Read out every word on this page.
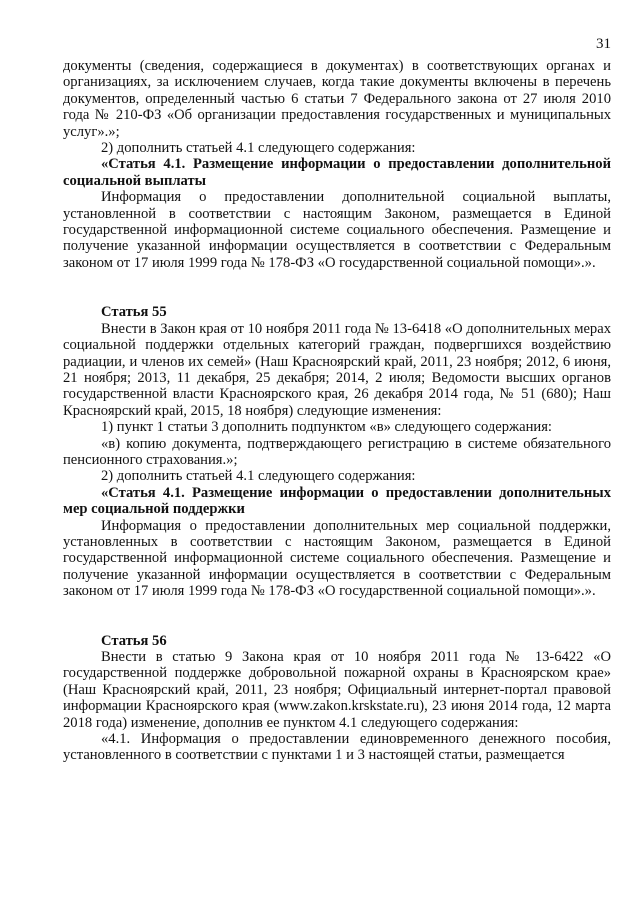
31

документы (сведения, содержащиеся в документах) в соответствующих органах и организациях, за исключением случаев, когда такие документы включены в перечень документов, определенный частью 6 статьи 7 Федерального закона от 27 июля 2010 года № 210-ФЗ «Об организации предоставления государственных и муниципальных услуг».»;

2) дополнить статьей 4.1 следующего содержания:

«Статья 4.1. Размещение информации о предоставлении дополнительной социальной выплаты

Информация о предоставлении дополнительной социальной выплаты, установленной в соответствии с настоящим Законом, размещается в Единой государственной информационной системе социального обеспечения. Размещение и получение указанной информации осуществляется в соответствии с Федеральным законом от 17 июля 1999 года № 178-ФЗ «О государственной социальной помощи».».

Статья 55

Внести в Закон края от 10 ноября 2011 года № 13-6418 «О дополнительных мерах социальной поддержки отдельных категорий граждан, подвергшихся воздействию радиации, и членов их семей» (Наш Красноярский край, 2011, 23 ноября; 2012, 6 июня, 21 ноября; 2013, 11 декабря, 25 декабря; 2014, 2 июля; Ведомости высших органов государственной власти Красноярского края, 26 декабря 2014 года, № 51 (680); Наш Красноярский край, 2015, 18 ноября) следующие изменения:

1) пункт 1 статьи 3 дополнить подпунктом «в» следующего содержания:

«в) копию документа, подтверждающего регистрацию в системе обязательного пенсионного страхования.»;

2) дополнить статьей 4.1 следующего содержания:

«Статья 4.1. Размещение информации о предоставлении дополнительных мер социальной поддержки

Информация о предоставлении дополнительных мер социальной поддержки, установленных в соответствии с настоящим Законом, размещается в Единой государственной информационной системе социального обеспечения. Размещение и получение указанной информации осуществляется в соответствии с Федеральным законом от 17 июля 1999 года № 178-ФЗ «О государственной социальной помощи».».

Статья 56

Внести в статью 9 Закона края от 10 ноября 2011 года № 13-6422 «О государственной поддержке добровольной пожарной охраны в Красноярском крае» (Наш Красноярский край, 2011, 23 ноября; Официальный интернет-портал правовой информации Красноярского края (www.zakon.krskstate.ru), 23 июня 2014 года, 12 марта 2018 года) изменение, дополнив ее пунктом 4.1 следующего содержания:

«4.1. Информация о предоставлении единовременного денежного пособия, установленного в соответствии с пунктами 1 и 3 настоящей статьи, размещается
